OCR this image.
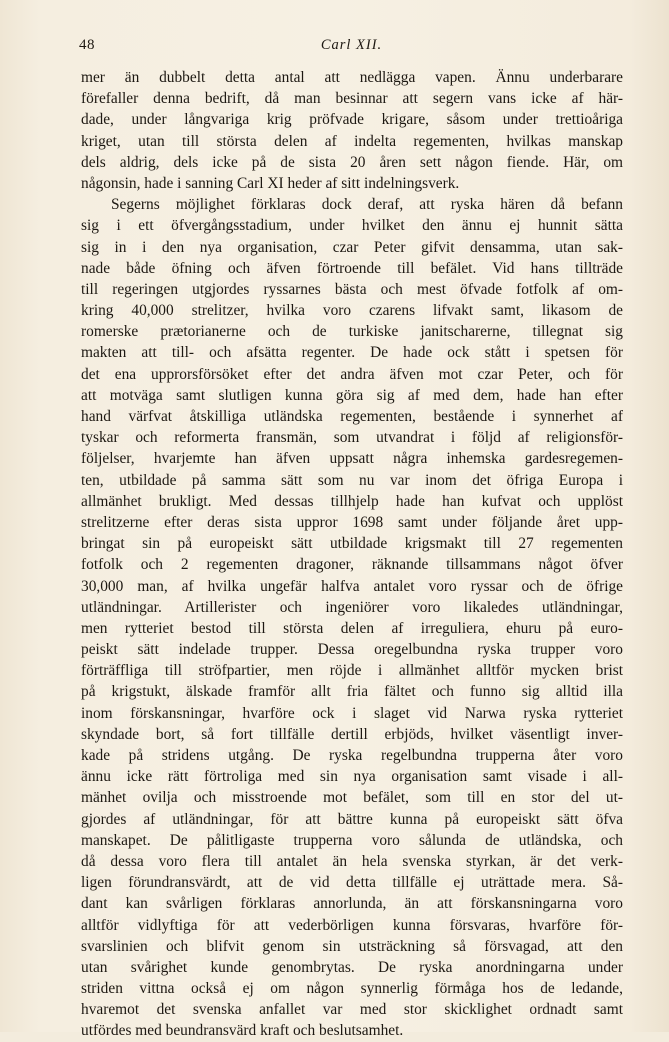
48	Carl XII.
mer än dubbelt detta antal att nedlägga vapen. Ännu underbarare
förefaller denna bedrift, då man besinnar att segern vans icke af här-
dade, under långvariga krig pröfvade krigare, såsom under trettioåriga
kriget, utan till största delen af indelta regementen, hvilkas manskap
dels aldrig, dels icke på de sista 20 åren sett någon fiende. Här, om
någonsin, hade i sanning Carl XI heder af sitt indelningsverk.
Segerns möjlighet förklaras dock deraf, att ryska hären då befann
sig i ett öfvergångsstadium, under hvilket den ännu ej hunnit sätta
sig in i den nya organisation, czar Peter gifvit densamma, utan sak-
nade både öfning och äfven förtroende till befälet. Vid hans tillträde
till regeringen utgjordes ryssarnes bästa och mest öfvade fotfolk af om-
kring 40,000 strelitzer, hvilka voro czarens lifvakt samt, likasom de
romerske prætorianerne och de turkiske janitscharerne, tillegnat sig
makten att till- och afsätta regenter. De hade ock stått i spetsen för
det ena upprorsförsöket efter det andra äfven mot czar Peter, och för
att motväga samt slutligen kunna göra sig af med dem, hade han efter
hand värfvat åtskilliga utländska regementen, bestående i synnerhet af
tyskar och reformerta fransmän, som utvandrat i följd af religionsför-
följelser, hvarjemte han äfven uppsatt några inhemska gardesregemen-
ten, utbildade på samma sätt som nu var inom det öfriga Europa i
allmänhet brukligt. Med dessas tillhjelp hade han kufvat och upplöst
strelitzerne efter deras sista uppror 1698 samt under följande året upp-
bringat sin på europeiskt sätt utbildade krigsmakt till 27 regementen
fotfolk och 2 regementen dragoner, räknande tillsammans något öfver
30,000 man, af hvilka ungefär halfva antalet voro ryssar och de öfrige
utländningar. Artillerister och ingeniörer voro likaledes utländningar,
men rytteriet bestod till största delen af irreguliera, ehuru på euro-
peiskt sätt indelade trupper. Dessa oregelbundna ryska trupper voro
förträffliga till ströfpartier, men röjde i allmänhet alltför mycken brist
på krigstukt, älskade framför allt fria fältet och funno sig alltid illa
inom förskansningar, hvarföre ock i slaget vid Narwa ryska rytteriet
skyndade bort, så fort tillfälle dertill erbjöds, hvilket väsentligt inver-
kade på stridens utgång. De ryska regelbundna trupperna åter voro
ännu icke rätt förtroliga med sin nya organisation samt visade i all-
mänhet ovilja och misstroende mot befälet, som till en stor del ut-
gjordes af utländningar, för att bättre kunna på europeiskt sätt öfva
manskapet. De pålitligaste trupperna voro sålunda de utländska, och
då dessa voro flera till antalet än hela svenska styrkan, är det verk-
ligen förundransvärdt, att de vid detta tillfälle ej uträttade mera. Så-
dant kan svårligen förklaras annorlunda, än att förskansningarna voro
alltför vidlyftiga för att vederbörligen kunna försvaras, hvarföre för-
svarslinien och blifvit genom sin utsträckning så försvagad, att den
utan svårighet kunde genombrytas. De ryska anordningarna under
striden vittna också ej om någon synnerlig förmåga hos de ledande,
hvaremot det svenska anfallet var med stor skicklighet ordnadt samt
utfördes med beundransvärd kraft och beslutsamhet.
